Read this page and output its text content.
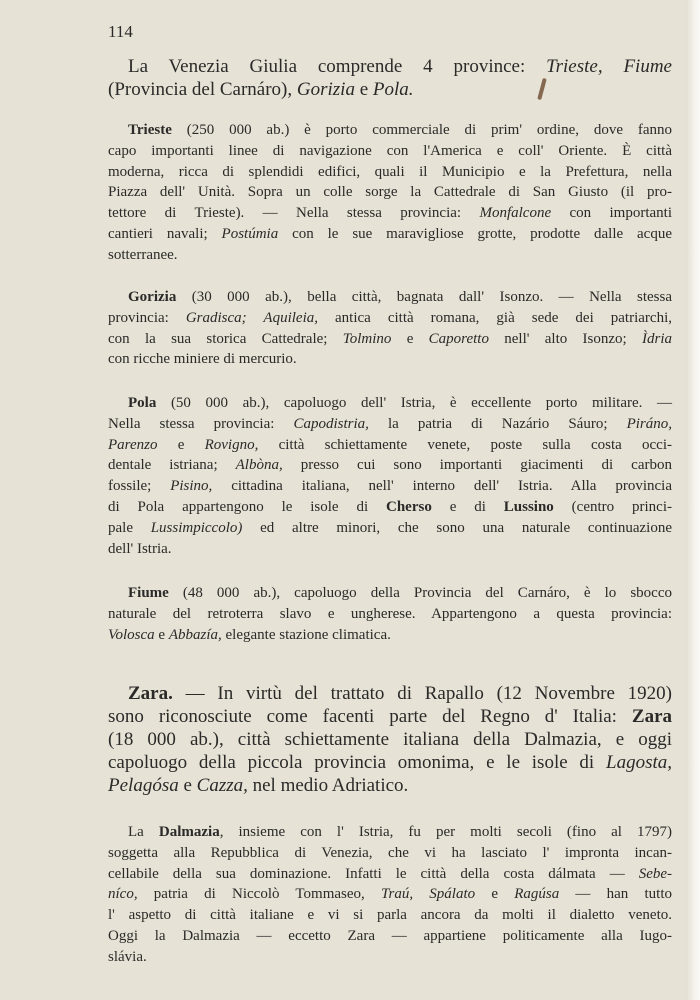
114
La Venezia Giulia comprende 4 province: Trieste, Fiume
(Provincia del Carnáro), Gorizia e Pola.
Trieste (250 000 ab.) è porto commerciale di prim' ordine, dove fanno
capo importanti linee di navigazione con l'America e coll' Oriente. È città
moderna, ricca di splendidi edifici, quali il Municipio e la Prefettura, nella
Piazza dell' Unità. Sopra un colle sorge la Cattedrale di San Giusto (il pro-
tettore di Trieste). — Nella stessa provincia: Monfalcone con importanti
cantieri navali; Postúmia con le sue maravigliose grotte, prodotte dalle acque
sotterranee.
Gorizia (30 000 ab.), bella città, bagnata dall' Isonzo. — Nella stessa
provincia: Gradisca; Aquileia, antica città romana, già sede dei patriarchi,
con la sua storica Cattedrale; Tolmino e Caporetto nell' alto Isonzo; Ìdria
con ricche miniere di mercurio.
Pola (50 000 ab.), capoluogo dell' Istria, è eccellente porto militare. —
Nella stessa provincia: Capodistria, la patria di Nazário Sáuro; Piráno,
Parenzo e Rovigno, città schiettamente venete, poste sulla costa occi-
dentale istriana; Albòna, presso cui sono importanti giacimenti di carbon
fossile; Pisino, cittadina italiana, nell' interno dell' Istria. Alla provincia
di Pola appartengono le isole di Cherso e di Lussino (centro princi-
pale Lussimpiccolo) ed altre minori, che sono una naturale continuazione
dell' Istria.
Fiume (48 000 ab.), capoluogo della Provincia del Carnáro, è lo sbocco
naturale del retroterra slavo e ungherese. Appartengono a questa provincia:
Volosca e Abbazía, elegante stazione climatica.
Zara. — In virtù del trattato di Rapallo (12 Novembre 1920)
sono riconosciute come facenti parte del Regno d' Italia: Zara
(18 000 ab.), città schiettamente italiana della Dalmazia, e oggi
capoluogo della piccola provincia omonima, e le isole di Lagosta,
Pelagósa e Cazza, nel medio Adriatico.
La Dalmazia, insieme con l' Istria, fu per molti secoli (fino al 1797)
soggetta alla Repubblica di Venezia, che vi ha lasciato l' impronta incan-
cellabile della sua dominazione. Infatti le città della costa dálmata — Sebe-
níco, patria di Niccolò Tommaseo, Traú, Spálato e Ragúsa — han tutto
l' aspetto di città italiane e vi si parla ancora da molti il dialetto veneto.
Oggi la Dalmazia — eccetto Zara — appartiene politicamente alla Iugo-
slávia.
